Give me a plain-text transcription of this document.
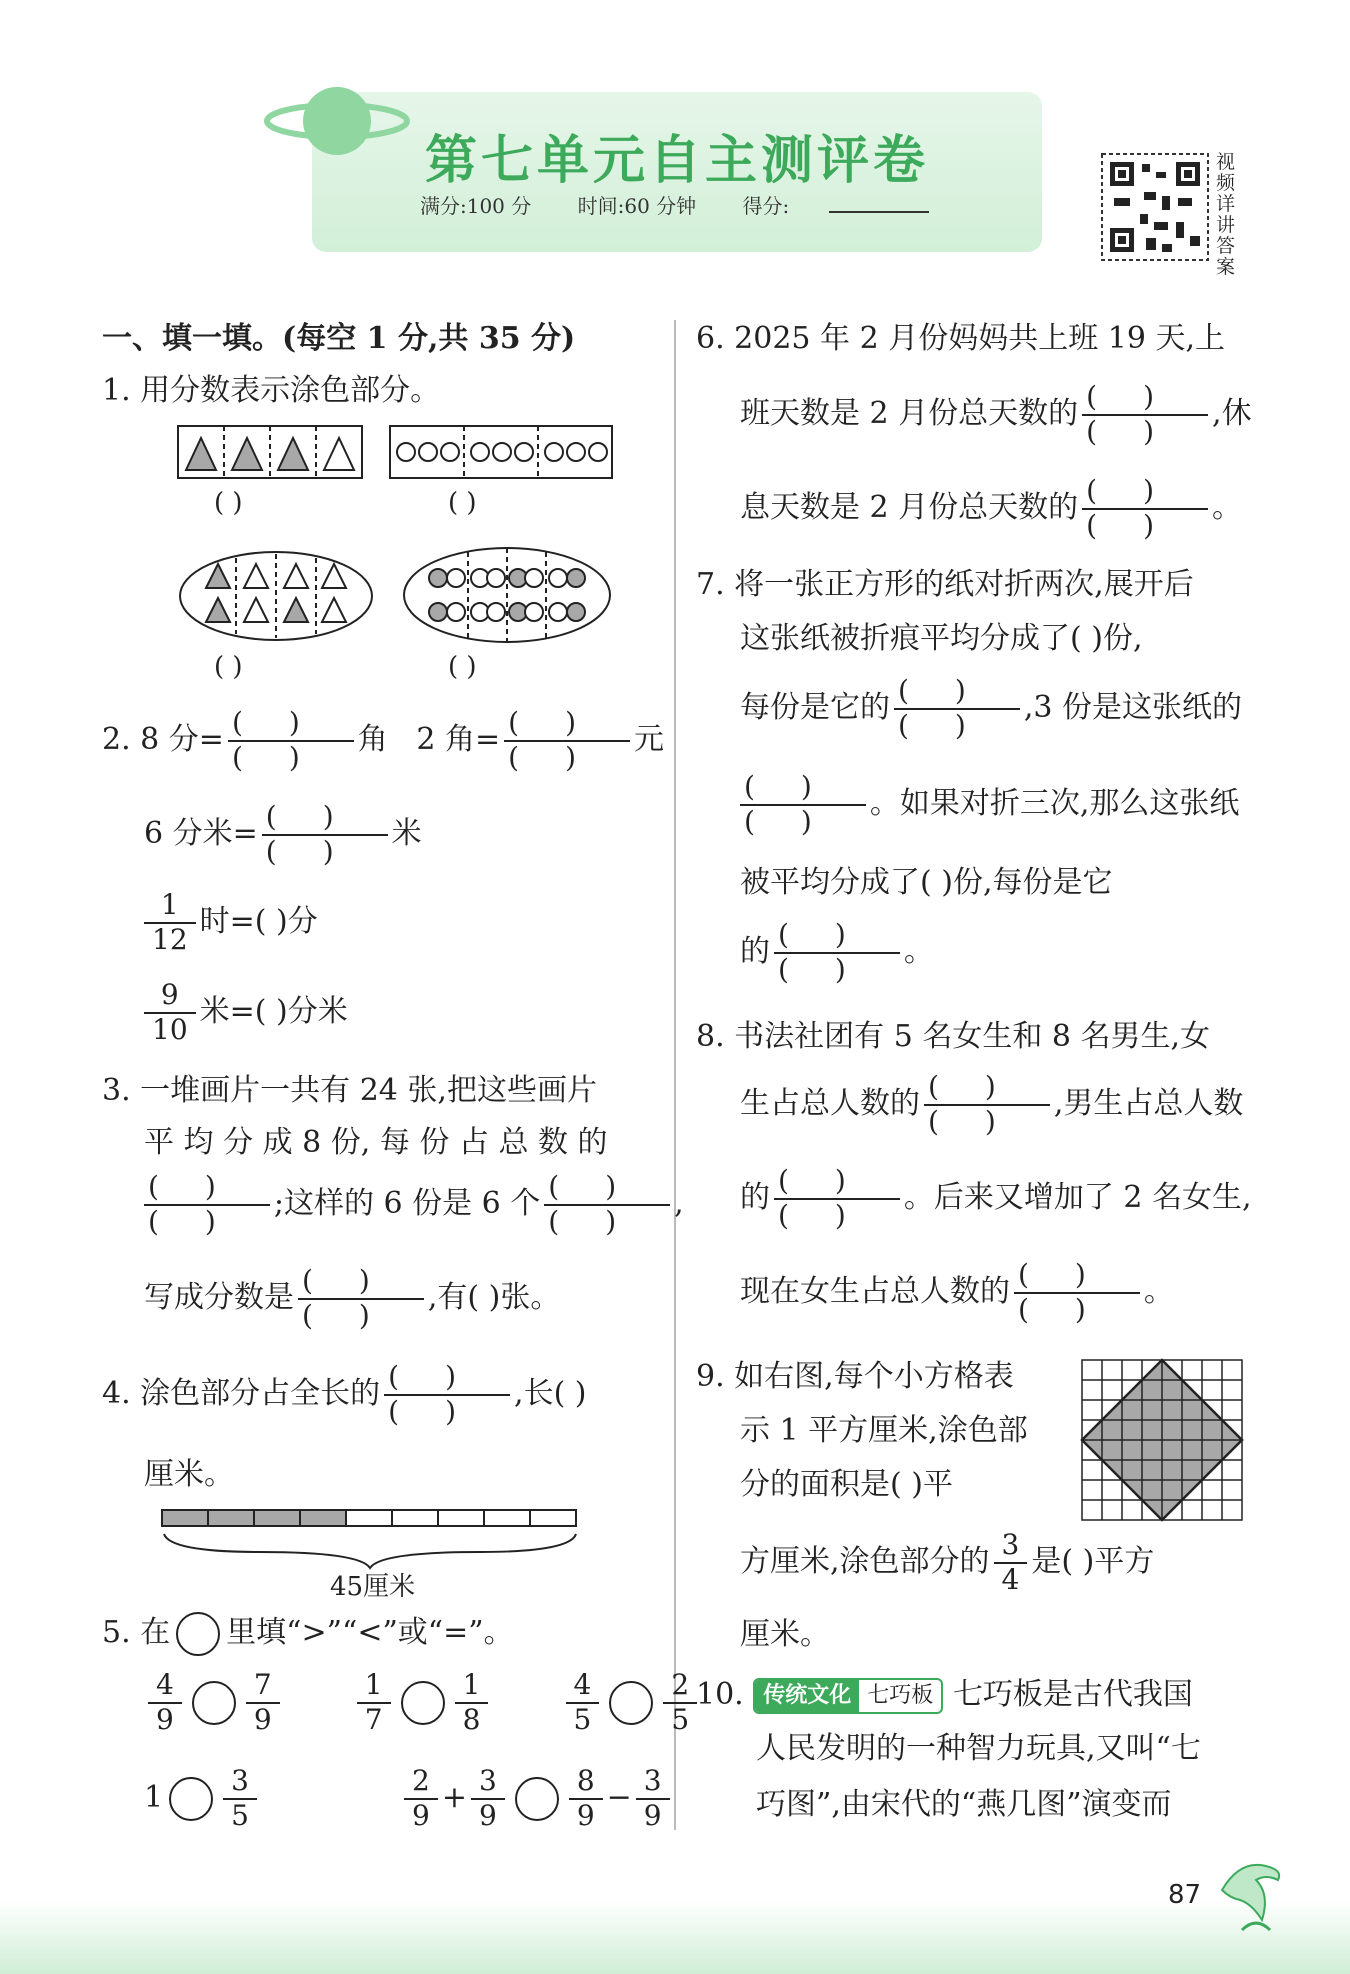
第七单元自主测评卷
满分:100 分 时间:60 分钟 得分:
视频详讲答案
一、填一填。(每空 1 分,共 35 分)
1. 用分数表示涂色部分。
( )	( )
( )	( )
2. 8 分= $\frac{()}{()}$ 角 2 角= $\frac{()}{()}$ 元
6 分米= $\frac{()}{()}$ 米
$\frac{1}{12}$ 时=( )分
$\frac{9}{10}$ 米=( )分米
3. 一堆画片一共有 24 张,把这些画片
平 均 分 成 8 份, 每 份 占 总 数 的
$\frac{()}{()}$ ;这样的 6 份是 6 个 $\frac{()}{()}$ ,
写成分数是 $\frac{()}{()}$ ,有( )张。
4. 涂色部分占全长的 $\frac{()}{()}$ ,长( )
厘米。
45厘米
5. 在 里填“>”“<”或“=”。
$\frac{4}{9} \frac{7}{9}$
	$\frac{1}{7} \frac{1}{8}$
	$\frac{4}{5} \frac{2}{5}$
$1 \frac{3}{5}$
	$\frac{2}{9} + \frac{3}{9} \frac{8}{9} - \frac{3}{9}$
6. 2025 年 2 月份妈妈共上班 19 天,上
班天数是 2 月份总天数的 $\frac{()}{()}$ ,休
息天数是 2 月份总天数的 $\frac{()}{()}$ 。
7. 将一张正方形的纸对折两次,展开后
这张纸被折痕平均分成了( )份,
每份是它的 $\frac{()}{()} ,3$ 份是这张纸的
$\frac{()}{()}$ 。如果对折三次,那么这张纸
被平均分成了( )份,每份是它
的 $\frac{()}{()}$ 。
8. 书法社团有 5 名女生和 8 名男生,女
生占总人数的 $\frac{()}{()}$ ,男生占总人数
的 $\frac{()}{()}$ 。后来又增加了 2 名女生,
现在女生占总人数的 $\frac{()}{()}$ 。
9. 如右图,每个小方格表
示 1 平方厘米,涂色部
分的面积是( )平
方厘米,涂色部分的 $\frac{3}{4}$ 是( )平方
厘米。
10. 传统文化 七巧板 七巧板是古代我国
人民发明的一种智力玩具,又叫“七
巧图”,由宋代的“燕几图”演变而
87
